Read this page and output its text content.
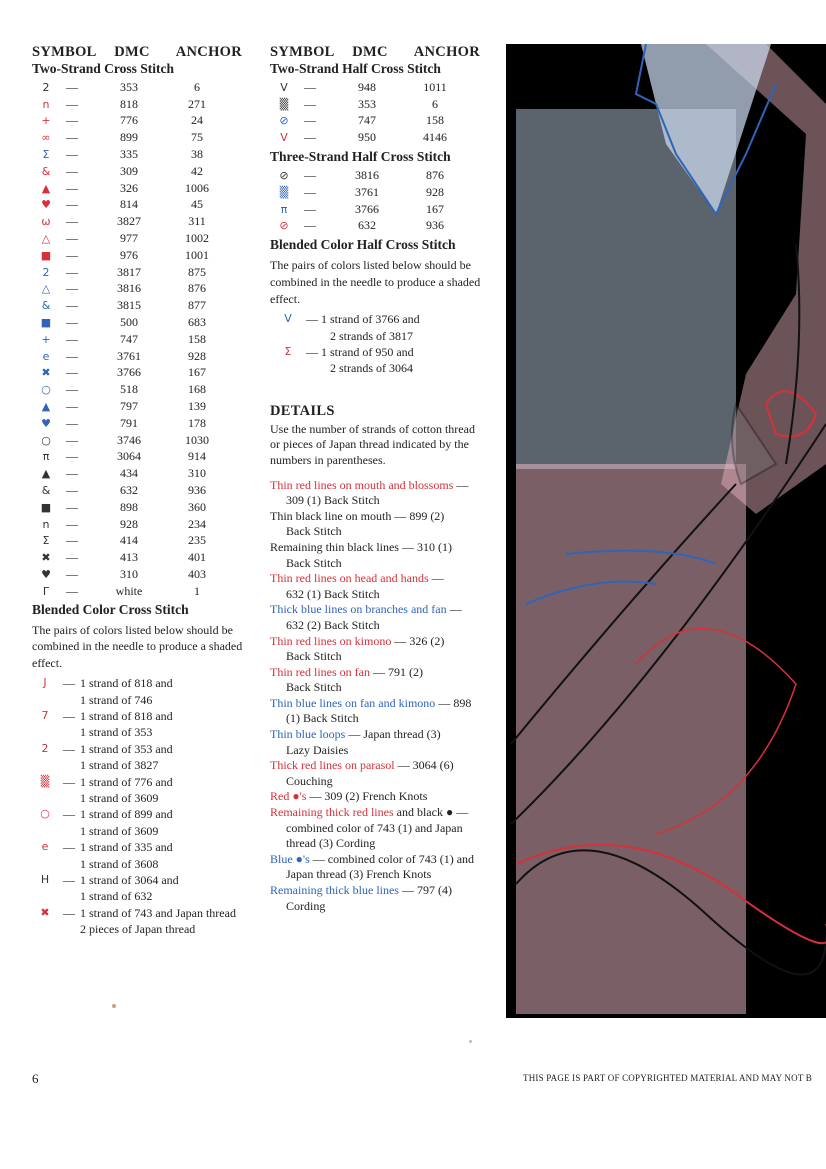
SYMBOL DMC ANCHOR
Two-Strand Cross Stitch
2	—	353	6
n	—	818	271
+	—	776	24
∞	—	899	75
Σ	—	335	38
&	—	309	42
▲	—	326	1006
♥	—	814	45
ω	—	3827	311
△	—	977	1002
■	—	976	1001
2	—	3817	875
△	—	3816	876
&	—	3815	877
■	—	500	683
+	—	747	158
e	—	3761	928
✖	—	3766	167
○	—	518	168
▲	—	797	139
♥	—	791	178
○	—	3746	1030
π	—	3064	914
▲	—	434	310
&	—	632	936
■	—	898	360
n	—	928	234
Σ	—	414	235
✖	—	413	401
♥	—	310	403
Γ	—	white	1
Blended Color Cross Stitch
The pairs of colors listed below should be combined in the needle to produce a shaded effect.
J	— 1 strand of 818 and
1 strand of 746
7	— 1 strand of 818 and
1 strand of 353
2	— 1 strand of 353 and
1 strand of 3827
▒	— 1 strand of 776 and
1 strand of 3609
○	— 1 strand of 899 and
1 strand of 3609
e	— 1 strand of 335 and
1 strand of 3608
H	— 1 strand of 3064 and
1 strand of 632
✖	— 1 strand of 743 and Japan thread
2 pieces of Japan thread
SYMBOL DMC ANCHOR
Two-Strand Half Cross Stitch
V	—	948	1011
▒	—	353	6
⊘	—	747	158
V	—	950	4146
Three-Strand Half Cross Stitch
⊘	—	3816	876
▒	—	3761	928
π	—	3766	167
⊘	—	632	936
Blended Color Half Cross Stitch
The pairs of colors listed below should be combined in the needle to produce a shaded effect.
V	— 1 strand of 3766 and
2 strands of 3817
Σ	— 1 strand of 950 and
2 strands of 3064
DETAILS
Use the number of strands of cotton thread or pieces of Japan thread indicated by the numbers in parentheses.
Thin red lines on mouth and blossoms —
309 (1) Back Stitch
Thin black line on mouth — 899 (2)
Back Stitch
Remaining thin black lines — 310 (1)
Back Stitch
Thin red lines on head and hands —
632 (1) Back Stitch
Thick blue lines on branches and fan —
632 (2) Back Stitch
Thin red lines on kimono — 326 (2)
Back Stitch
Thin red lines on fan — 791 (2)
Back Stitch
Thin blue lines on fan and kimono — 898
(1) Back Stitch
Thin blue loops — Japan thread (3)
Lazy Daisies
Thick red lines on parasol — 3064 (6)
Couching
Red ●'s — 309 (2) French Knots
Remaining thick red lines and black ● —
combined color of 743 (1) and Japan thread (3) Cording
Blue ●'s — combined color of 743 (1) and
Japan thread (3) French Knots
Remaining thick blue lines — 797 (4)
Cording
6	THIS PAGE IS PART OF COPYRIGHTED MATERIAL AND MAY NOT B
